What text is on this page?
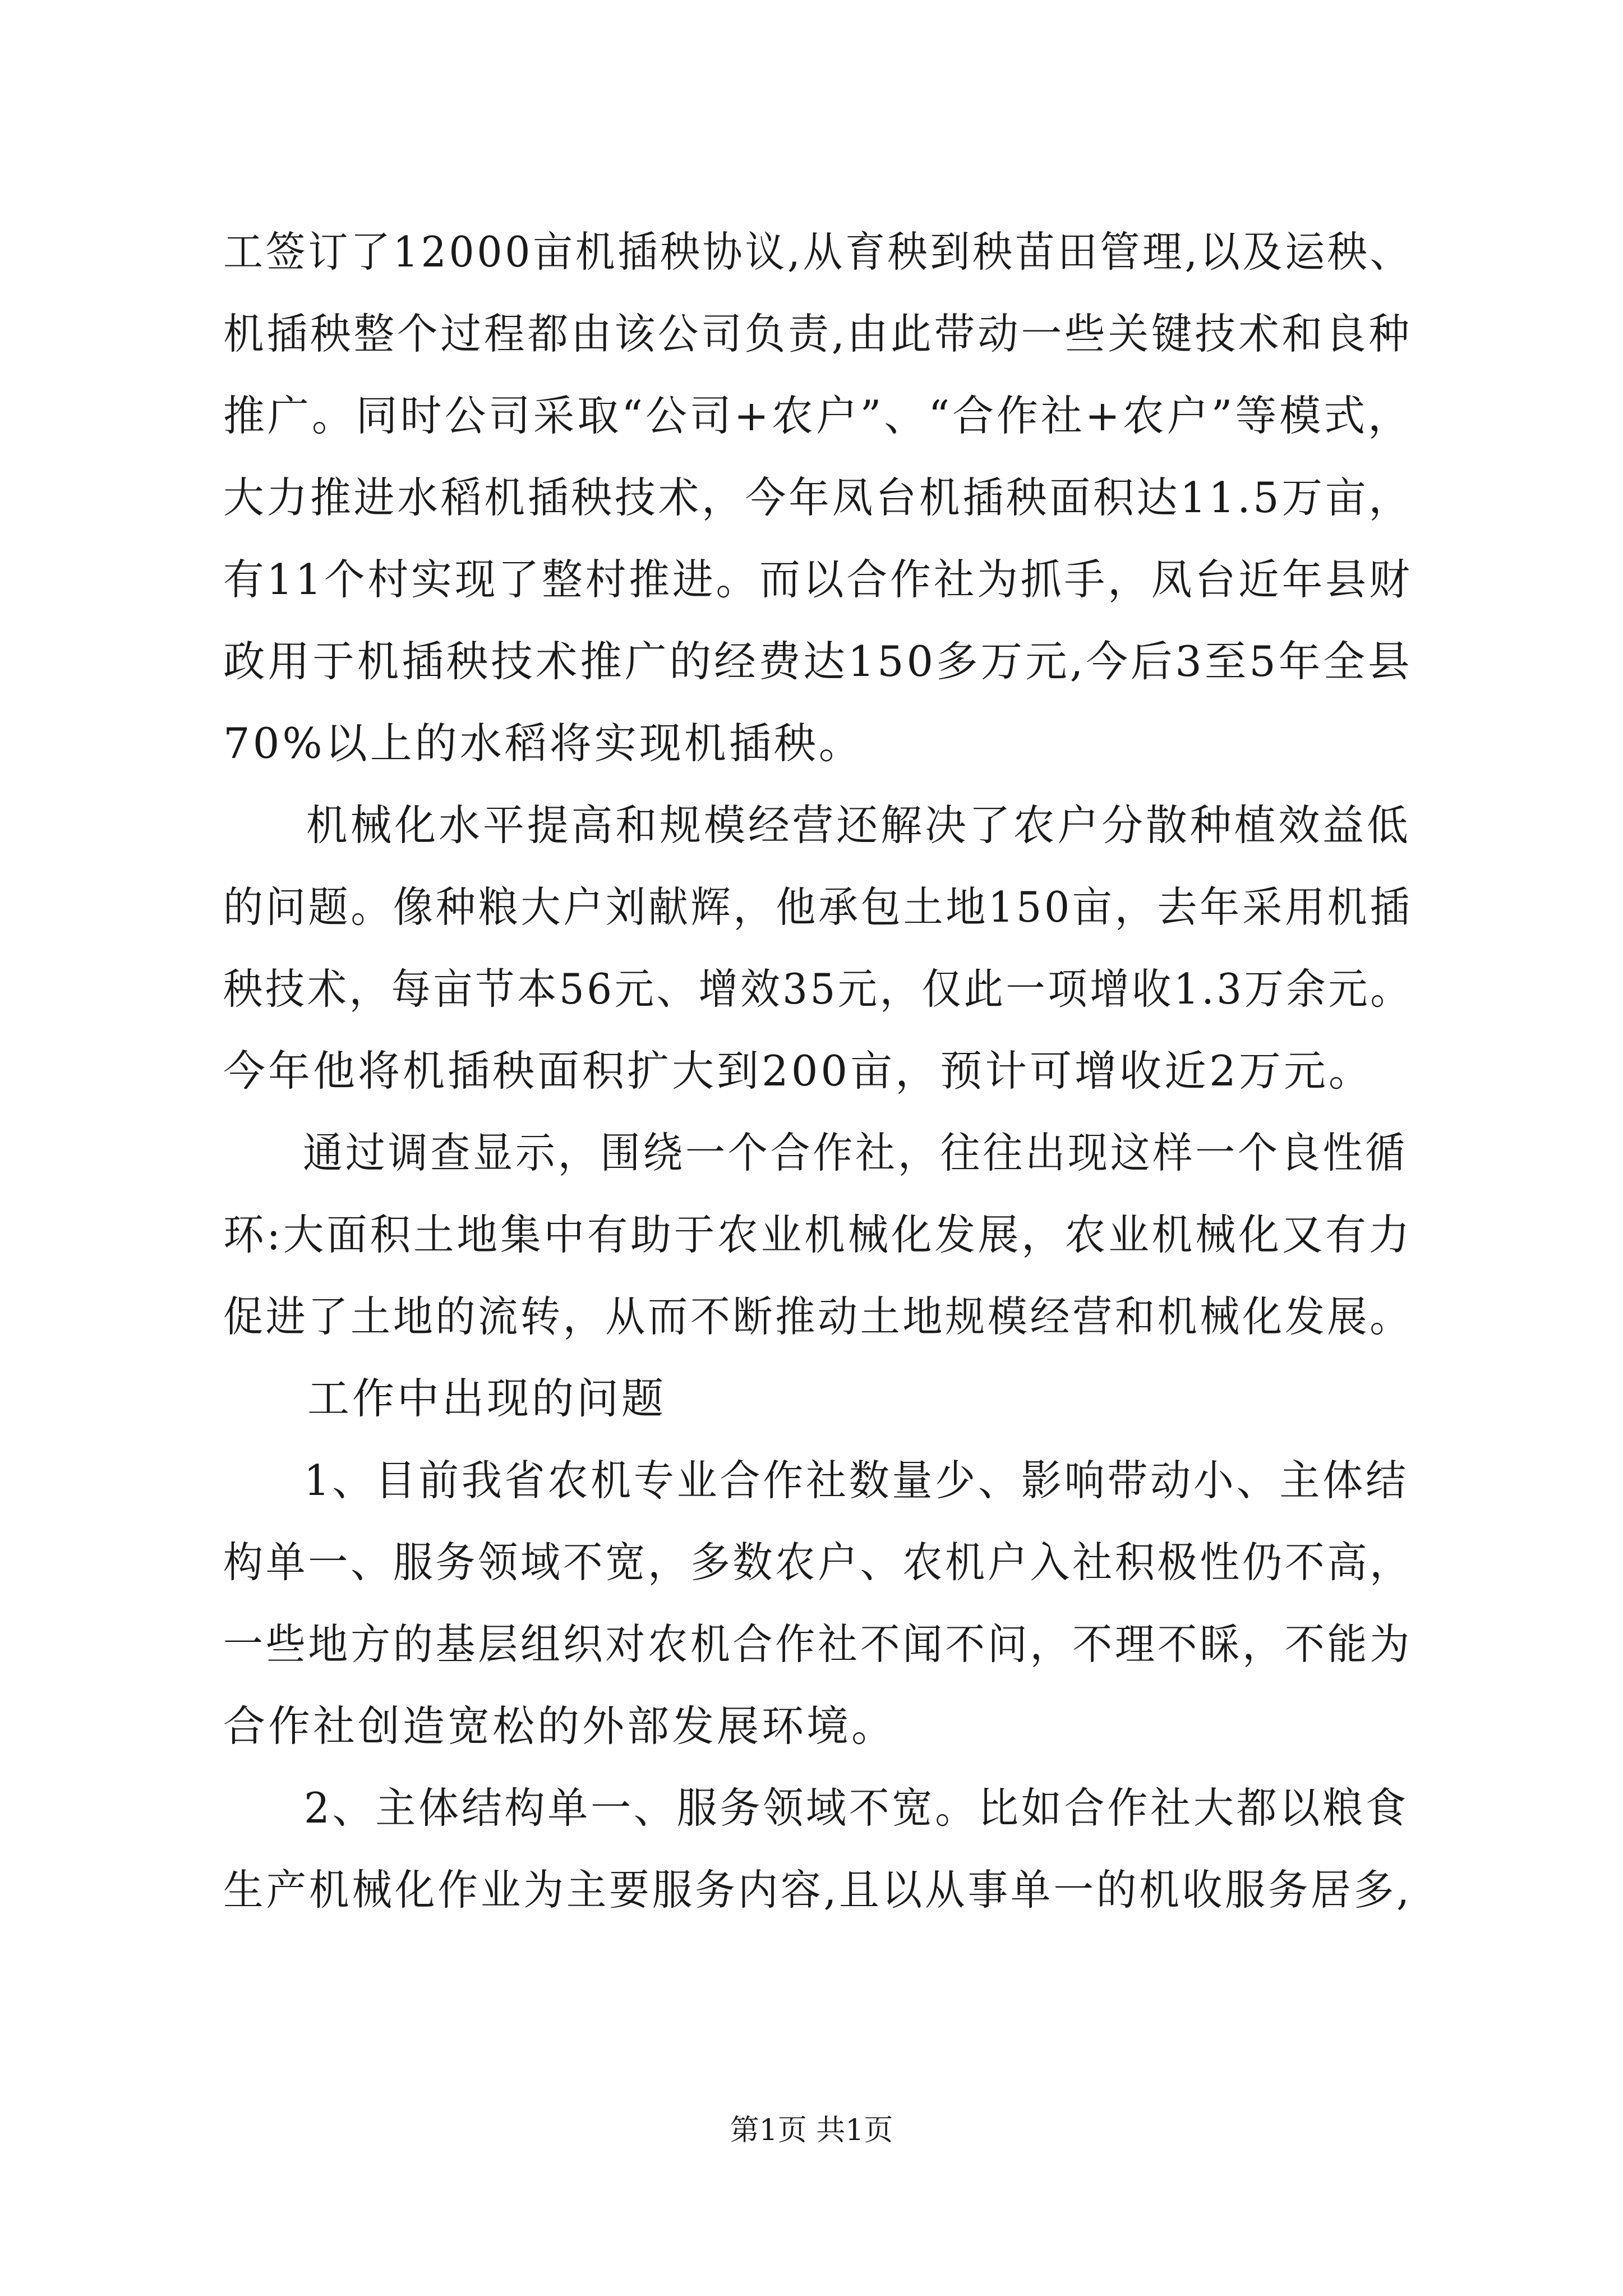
工签订了12000亩机插秧协议,从育秧到秧苗田管理,以及运秧、
机插秧整个过程都由该公司负责,由此带动一些关键技术和良种
推广。同时公司采取“公司+农户”、“合作社+农户”等模式，
大力推进水稻机插秧技术，今年凤台机插秧面积达11.5万亩，
有11个村实现了整村推进。而以合作社为抓手，凤台近年县财
政用于机插秧技术推广的经费达150多万元,今后3至5年全县
70%以上的水稻将实现机插秧。
机械化水平提高和规模经营还解决了农户分散种植效益低
的问题。像种粮大户刘献辉，他承包土地150亩，去年采用机插
秧技术，每亩节本56元、增效35元，仅此一项增收1.3万余元。
今年他将机插秧面积扩大到200亩，预计可增收近2万元。
通过调查显示，围绕一个合作社，往往出现这样一个良性循
环:大面积土地集中有助于农业机械化发展，农业机械化又有力
促进了土地的流转，从而不断推动土地规模经营和机械化发展。
工作中出现的问题
1、目前我省农机专业合作社数量少、影响带动小、主体结
构单一、服务领域不宽，多数农户、农机户入社积极性仍不高，
一些地方的基层组织对农机合作社不闻不问，不理不睬，不能为
合作社创造宽松的外部发展环境。
2、主体结构单一、服务领域不宽。比如合作社大都以粮食
生产机械化作业为主要服务内容,且以从事单一的机收服务居多,
第1页 共1页
